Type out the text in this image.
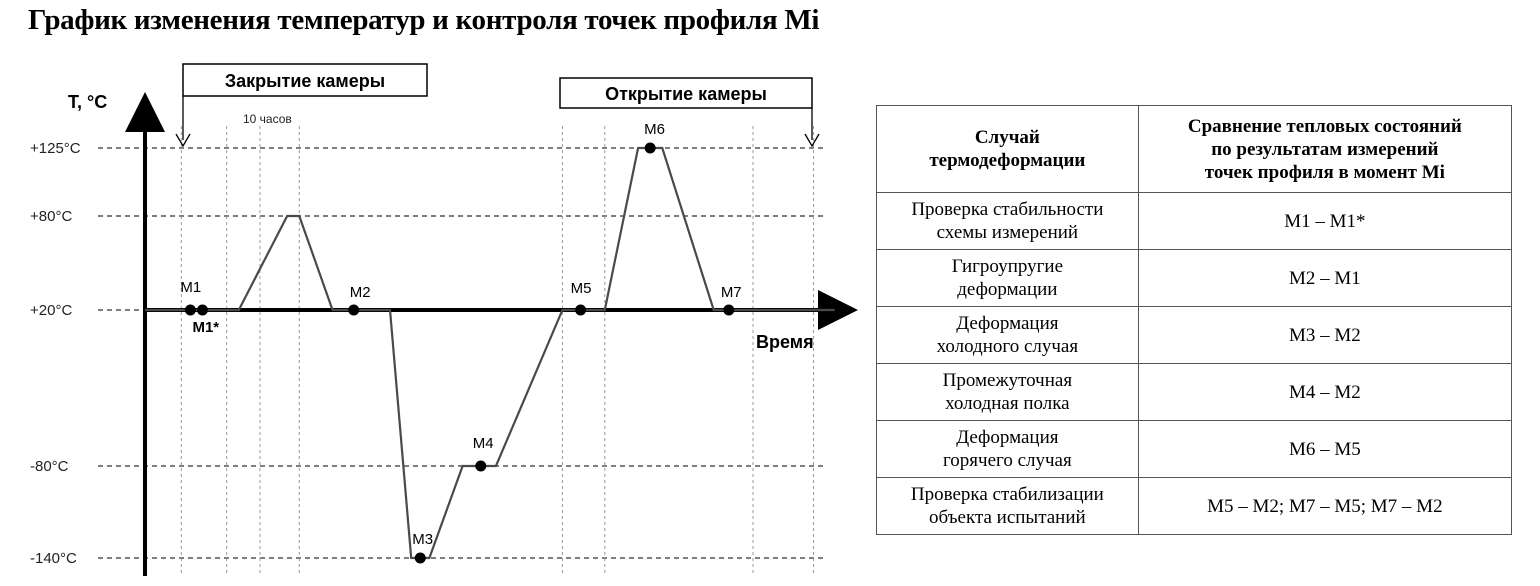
График изменения температур и контроля точек профиля Mi
+125°C
+80°C
+20°C
-80°C
-140°C
Закрытие камеры
Открытие камеры
10 часов
T, °C
Время
M1
M1*
M2
M3
M4
M5
M6
M7
Случай
термодеформации	Сравнение тепловых состояний
по результатам измерений
точек профиля в момент Mi

Проверка стабильности
схемы измерений	M1 – M1*

Гигроупругие
деформации	M2 – M1

Деформация
холодного случая	M3 – M2

Промежуточная
холодная полка	M4 – M2

Деформация
горячего случая	M6 – M5

Проверка стабилизации
объекта испытаний	M5 – M2; M7 – M5; M7 – M2
